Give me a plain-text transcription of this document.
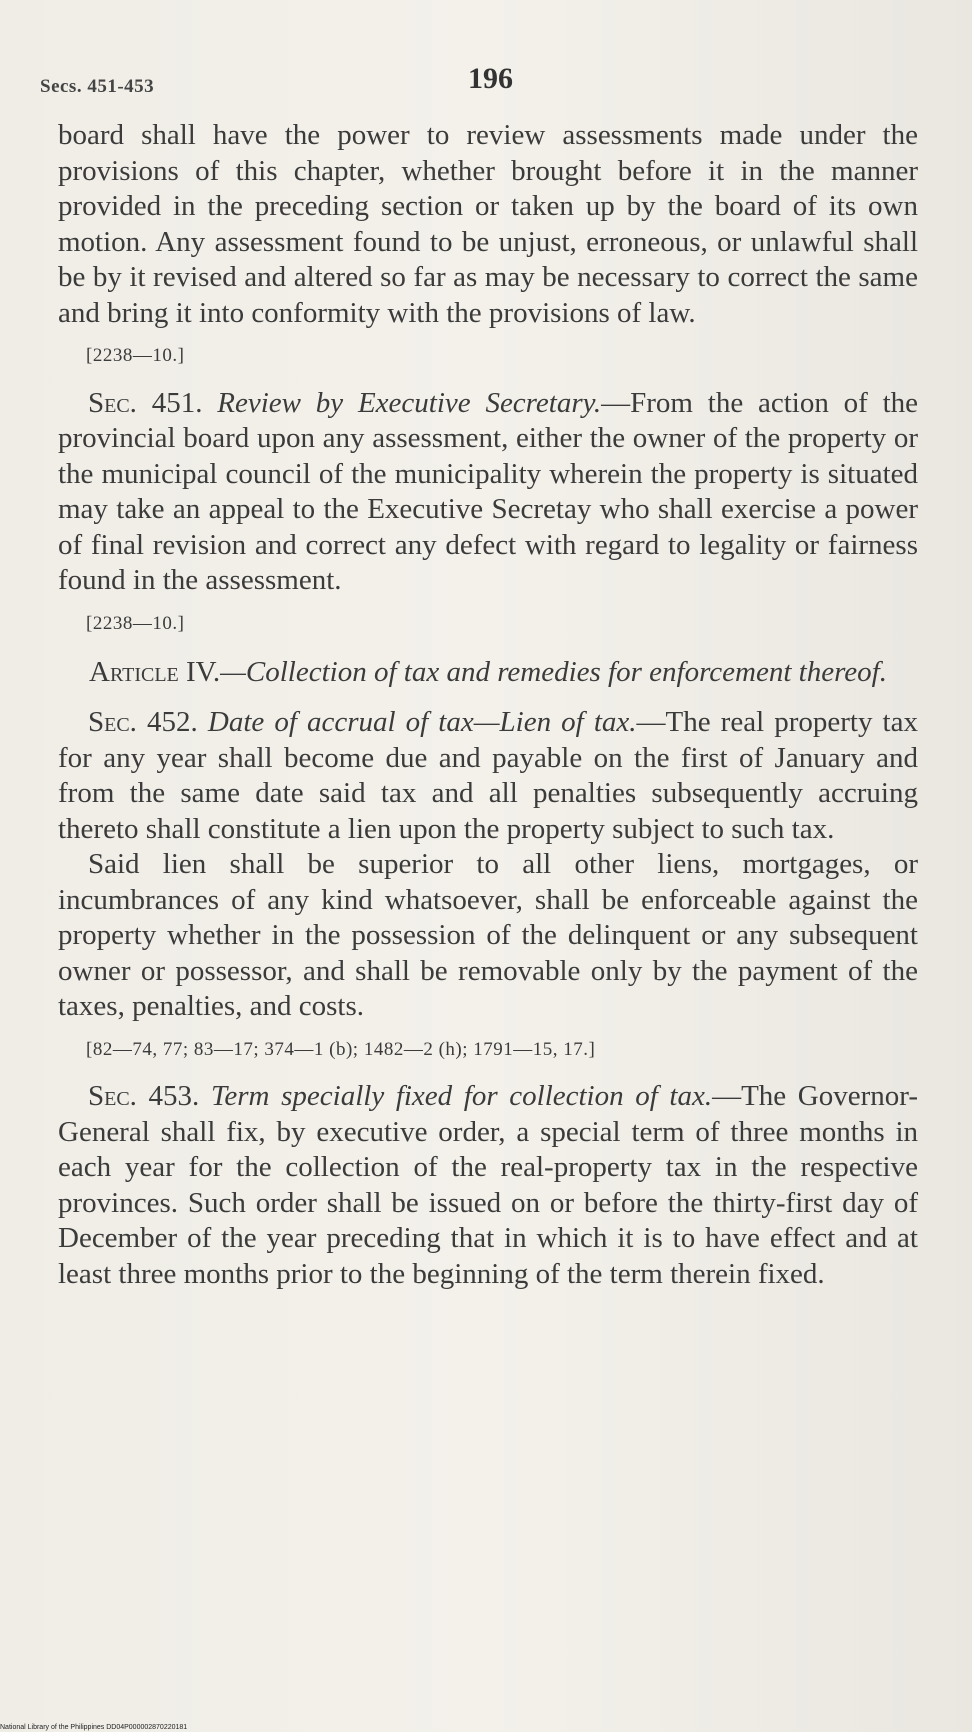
Secs. 451-453	196

board shall have the power to review assessments made under the provisions of this chapter, whether brought before it in the manner provided in the preceding section or taken up by the board of its own motion. Any assessment found to be unjust, erroneous, or unlawful shall be by it revised and altered so far as may be necessary to correct the same and bring it into conformity with the provisions of law.

[2238—10.]

Sec. 451. Review by Executive Secretary.—From the action of the provincial board upon any assessment, either the owner of the property or the municipal council of the municipality wherein the property is situated may take an appeal to the Executive Secretay who shall exercise a power of final revision and correct any defect with regard to legality or fairness found in the assessment.

[2238—10.]

Article IV.—Collection of tax and remedies for enforcement thereof.

Sec. 452. Date of accrual of tax—Lien of tax.—The real property tax for any year shall become due and payable on the first of January and from the same date said tax and all penalties subsequently accruing thereto shall constitute a lien upon the property subject to such tax.

Said lien shall be superior to all other liens, mortgages, or incumbrances of any kind whatsoever, shall be enforceable against the property whether in the possession of the delinquent or any subsequent owner or possessor, and shall be removable only by the payment of the taxes, penalties, and costs.

[82—74, 77; 83—17; 374—1 (b); 1482—2 (h); 1791—15, 17.]

Sec. 453. Term specially fixed for collection of tax.—The Governor-General shall fix, by executive order, a special term of three months in each year for the collection of the real-property tax in the respective provinces. Such order shall be issued on or before the thirty-first day of December of the year preceding that in which it is to have effect and at least three months prior to the beginning of the term therein fixed.

National Library of the Philippines DD04P000002870220181
